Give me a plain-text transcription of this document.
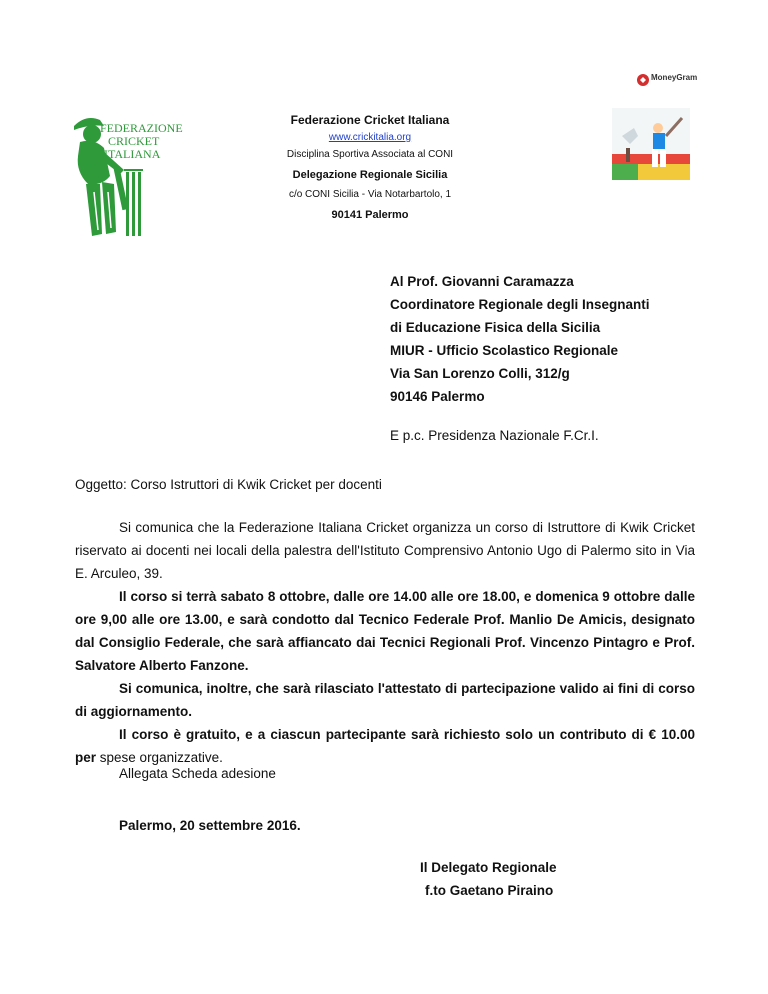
FEDERAZIONE
CRICKET
ITALIANA
Federazione Cricket Italiana
www.crickitalia.org
Disciplina Sportiva Associata al CONI
Delegazione Regionale Sicilia
c/o CONI Sicilia - Via Notarbartolo, 1
90141 Palermo
MoneyGram
Al Prof. Giovanni Caramazza
Coordinatore Regionale degli Insegnanti
di Educazione Fisica della Sicilia
MIUR - Ufficio Scolastico Regionale
Via San Lorenzo Colli, 312/g
90146 Palermo
E p.c. Presidenza Nazionale F.Cr.I.
Oggetto: Corso Istruttori di Kwik Cricket per docenti
Si comunica che la Federazione Italiana Cricket organizza un corso di Istruttore di Kwik Cricket riservato ai docenti nei locali della palestra dell'Istituto Comprensivo Antonio Ugo di Palermo sito in Via E. Arculeo, 39.
Il corso si terrà sabato 8 ottobre, dalle ore 14.00 alle ore 18.00, e domenica 9 ottobre dalle ore 9,00 alle ore 13.00, e sarà condotto dal Tecnico Federale Prof. Manlio De Amicis, designato dal Consiglio Federale, che sarà affiancato dai Tecnici Regionali Prof. Vincenzo Pintagro e Prof. Salvatore Alberto Fanzone.
Si comunica, inoltre, che sarà rilasciato l'attestato di partecipazione valido ai fini di corso di aggiornamento.
Il corso è gratuito, e a ciascun partecipante sarà richiesto solo un contributo di € 10.00 per spese organizzative.
Allegata Scheda adesione
Palermo, 20 settembre 2016.
Il Delegato Regionale
f.to Gaetano Piraino
